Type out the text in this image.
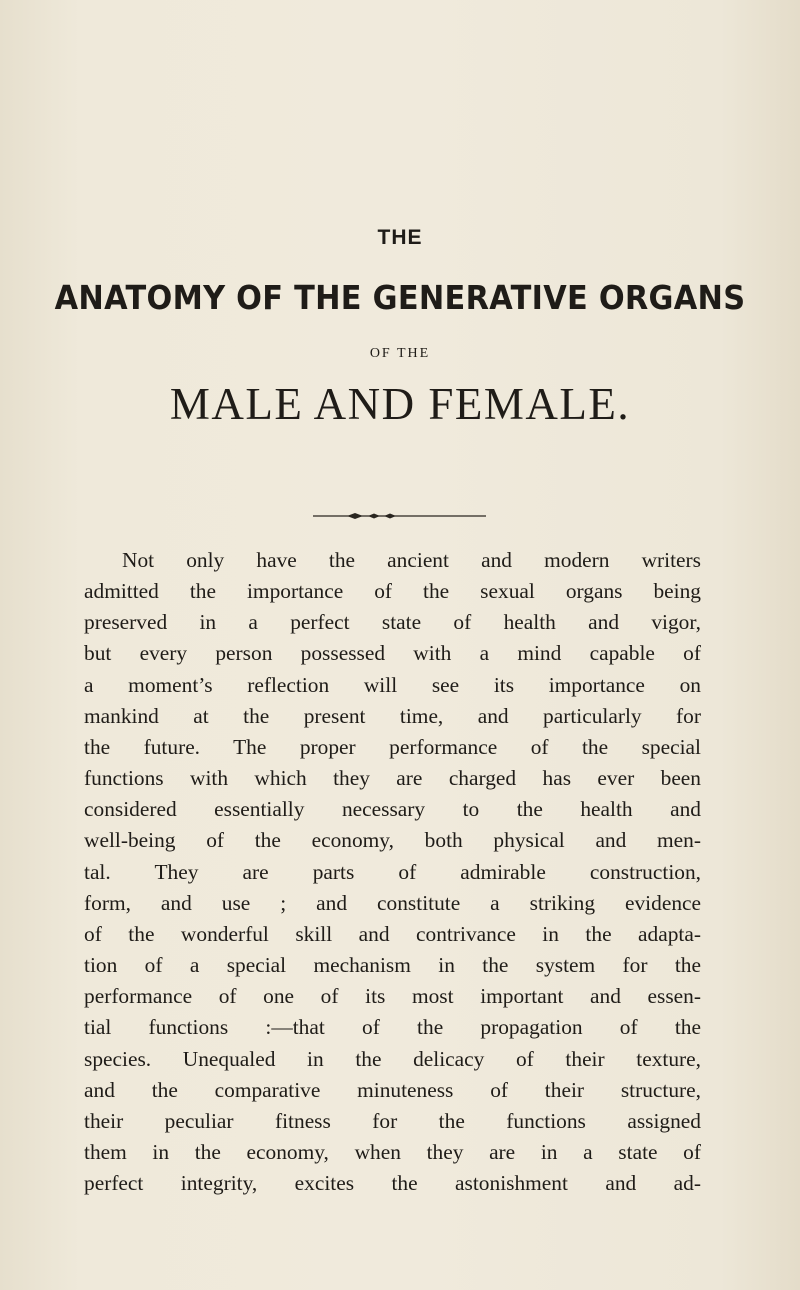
THE
ANATOMY OF THE GENERATIVE ORGANS
OF THE
MALE AND FEMALE.
Not only have the ancient and modern writers
admitted the importance of the sexual organs being
preserved in a perfect state of health and vigor,
but every person possessed with a mind capable of
a moment’s reflection will see its importance on
mankind at the present time, and particularly for
the future. The proper performance of the special
functions with which they are charged has ever been
considered essentially necessary to the health and
well-being of the economy, both physical and men-
tal. They are parts of admirable construction,
form, and use ; and constitute a striking evidence
of the wonderful skill and contrivance in the adapta-
tion of a special mechanism in the system for the
performance of one of its most important and essen-
tial functions :—that of the propagation of the
species. Unequaled in the delicacy of their texture,
and the comparative minuteness of their structure,
their peculiar fitness for the functions assigned
them in the economy, when they are in a state of
perfect integrity, excites the astonishment and ad-
